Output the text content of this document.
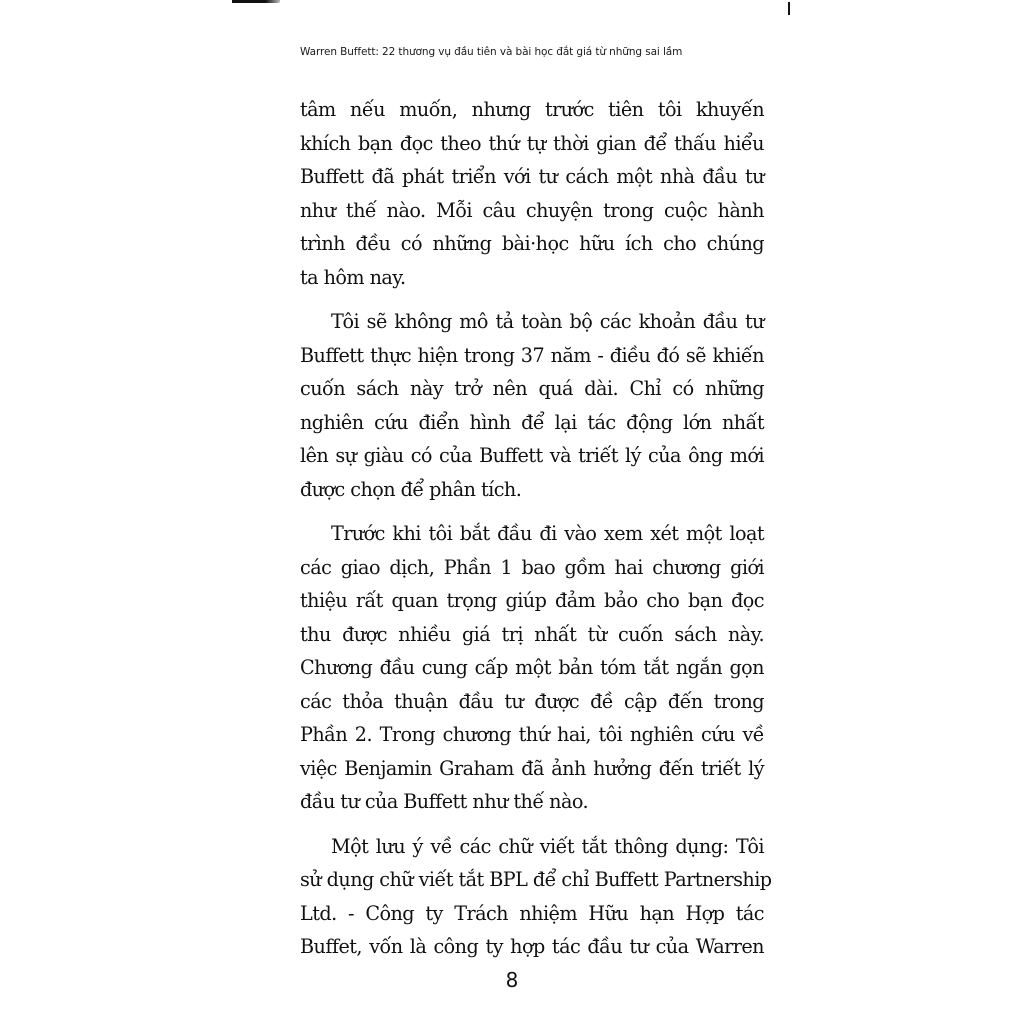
Warren Buffett: 22 thương vụ đầu tiên và bài học đắt giá từ những sai lầm
tâm nếu muốn, nhưng trước tiên tôi khuyến
khích bạn đọc theo thứ tự thời gian để thấu hiểu
Buffett đã phát triển với tư cách một nhà đầu tư
như thế nào. Mỗi câu chuyện trong cuộc hành
trình đều có những bài·học hữu ích cho chúng
ta hôm nay.
Tôi sẽ không mô tả toàn bộ các khoản đầu tư
Buffett thực hiện trong 37 năm - điều đó sẽ khiến
cuốn sách này trở nên quá dài. Chỉ có những
nghiên cứu điển hình để lại tác động lớn nhất
lên sự giàu có của Buffett và triết lý của ông mới
được chọn để phân tích.
Trước khi tôi bắt đầu đi vào xem xét một loạt
các giao dịch, Phần 1 bao gồm hai chương giới
thiệu rất quan trọng giúp đảm bảo cho bạn đọc
thu được nhiều giá trị nhất từ cuốn sách này.
Chương đầu cung cấp một bản tóm tắt ngắn gọn
các thỏa thuận đầu tư được đề cập đến trong
Phần 2. Trong chương thứ hai, tôi nghiên cứu về
việc Benjamin Graham đã ảnh hưởng đến triết lý
đầu tư của Buffett như thế nào.
Một lưu ý về các chữ viết tắt thông dụng: Tôi
sử dụng chữ viết tắt BPL để chỉ Buffett Partnership
Ltd. - Công ty Trách nhiệm Hữu hạn Hợp tác
Buffet, vốn là công ty hợp tác đầu tư của Warren
8
